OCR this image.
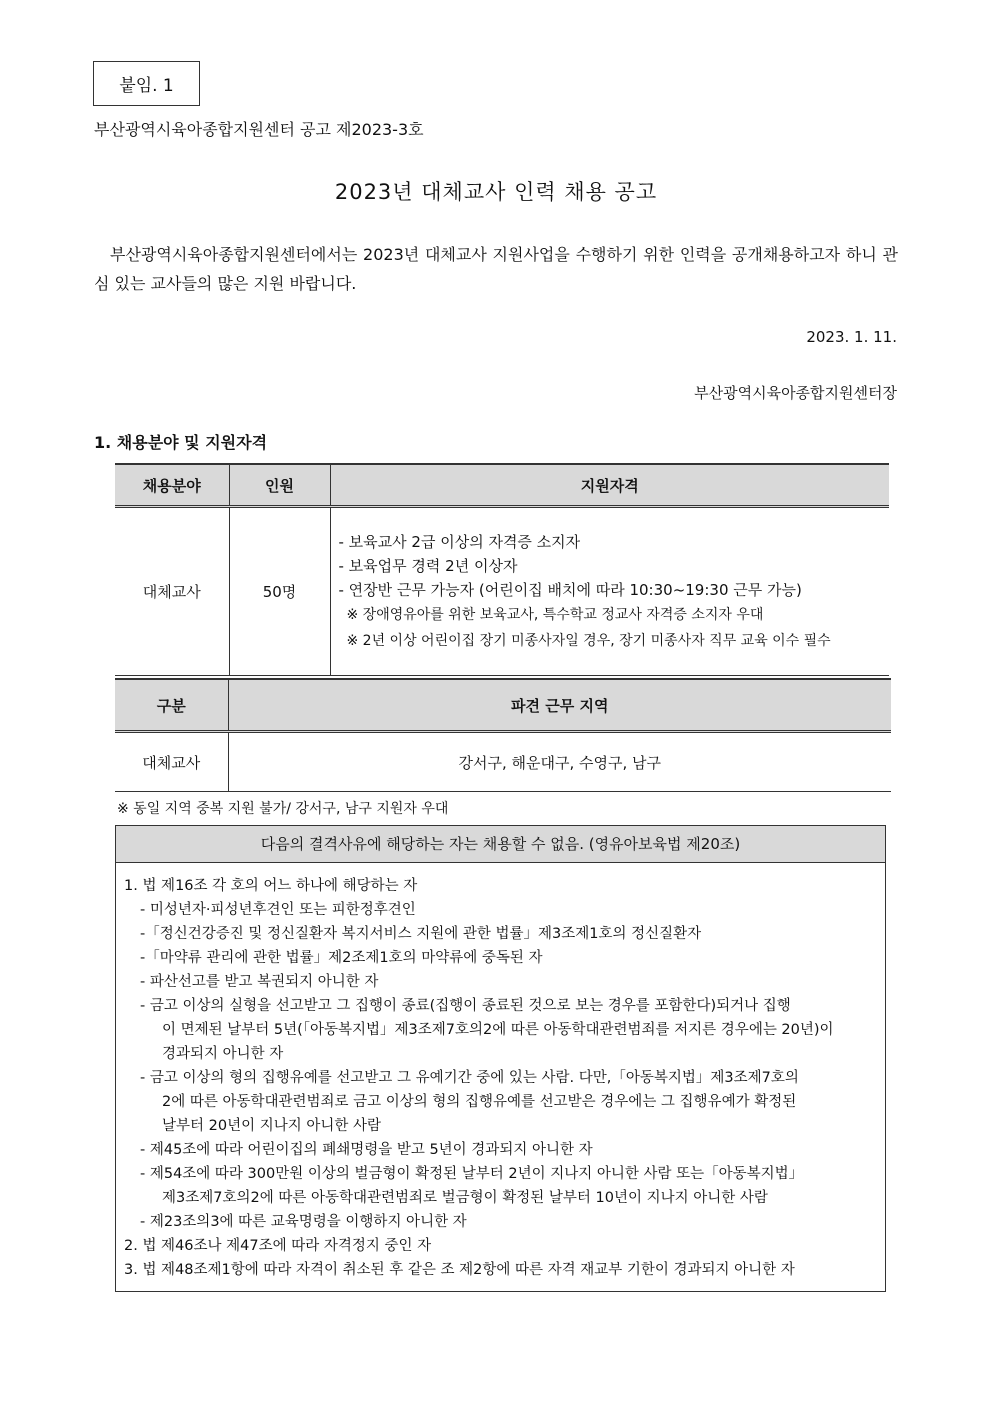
붙임. 1
부산광역시육아종합지원센터 공고 제2023-3호
2023년 대체교사 인력 채용 공고
부산광역시육아종합지원센터에서는 2023년 대체교사 지원사업을 수행하기 위한 인력을 공개채용하고자 하니 관심 있는 교사들의 많은 지원 바랍니다.
2023. 1. 11.
부산광역시육아종합지원센터장
1. 채용분야 및 지원자격
채용분야	인원	지원자격
대체교사	50명	- 보육교사 2급 이상의 자격증 소지자
- 보육업무 경력 2년 이상자
- 연장반 근무 가능자 (어린이집 배치에 따라 10:30~19:30 근무 가능)
※ 장애영유아를 위한 보육교사, 특수학교 정교사 자격증 소지자 우대
※ 2년 이상 어린이집 장기 미종사자일 경우, 장기 미종사자 직무 교육 이수 필수
구분	파견 근무 지역
대체교사	강서구, 해운대구, 수영구, 남구
※ 동일 지역 중복 지원 불가/ 강서구, 남구 지원자 우대
다음의 결격사유에 해당하는 자는 채용할 수 없음. (영유아보육법 제20조)
1. 법 제16조 각 호의 어느 하나에 해당하는 자
- 미성년자·피성년후견인 또는 피한정후견인
-「정신건강증진 및 정신질환자 복지서비스 지원에 관한 법률」제3조제1호의 정신질환자
-「마약류 관리에 관한 법률」제2조제1호의 마약류에 중독된 자
- 파산선고를 받고 복권되지 아니한 자
- 금고 이상의 실형을 선고받고 그 집행이 종료(집행이 종료된 것으로 보는 경우를 포함한다)되거나 집행
이 면제된 날부터 5년(「아동복지법」제3조제7호의2에 따른 아동학대관련범죄를 저지른 경우에는 20년)이
경과되지 아니한 자
- 금고 이상의 형의 집행유예를 선고받고 그 유예기간 중에 있는 사람. 다만,「아동복지법」제3조제7호의
2에 따른 아동학대관련범죄로 금고 이상의 형의 집행유예를 선고받은 경우에는 그 집행유예가 확정된
날부터 20년이 지나지 아니한 사람
- 제45조에 따라 어린이집의 폐쇄명령을 받고 5년이 경과되지 아니한 자
- 제54조에 따라 300만원 이상의 벌금형이 확정된 날부터 2년이 지나지 아니한 사람 또는「아동복지법」
제3조제7호의2에 따른 아동학대관련범죄로 벌금형이 확정된 날부터 10년이 지나지 아니한 사람
- 제23조의3에 따른 교육명령을 이행하지 아니한 자
2. 법 제46조나 제47조에 따라 자격정지 중인 자
3. 법 제48조제1항에 따라 자격이 취소된 후 같은 조 제2항에 따른 자격 재교부 기한이 경과되지 아니한 자
